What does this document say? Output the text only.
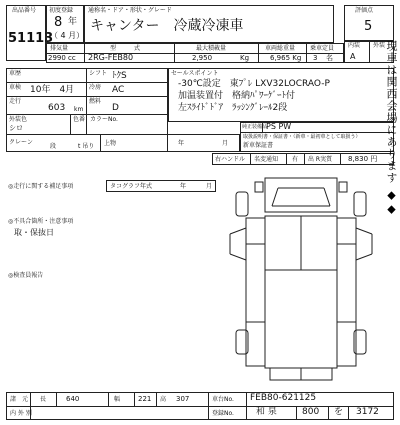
出品番号
51113
初度登録
8 年
（ 4 月）
通称名・ドア・形状・グレード
キャンター　冷蔵冷凍車
評価点
5
内装 外装
A
排気量	型　　　式	最大積載量	車両総重量 乗車定員
2990 cc 2RG-FEB80	2,950	Kg	6,965 Kg 3 名
車歴	シフト ﾄｸS
車検 10年　4月 冷房 AC
走行
603 km
燃料
D
外装色	色番 カラーNo.
シロ
クレーン
段	t 吊り 上物	年	月
セールスポイント
-30℃設定　東ﾌﾟﾚ LXV32LOCRAO-P
加温装置付　格納ﾊﾟﾜｰｹﾞｰﾄ付
左ｽﾗｲﾄﾞﾄﾞｱ　ﾗｯｼﾝｸﾞﾚｰﾙ2段
純正装備品
PS PW
取扱説明書・保証書・（新車・最初車として取扱う）
新車保証書
右ハンドル 名変通知 有 出 R実質 8,830 円
タコグラフ年式	年	月
◎走行に関する補足事項
◎不具合箇所・注意事項
取・保抜日
◎検査員報告
諸　元 長	640	幅	221 高 307	車台No. FEB80-621125
内 外 別	登録No. 和 泉	800 を 3172
現車は関西会場にあります ◆◆
